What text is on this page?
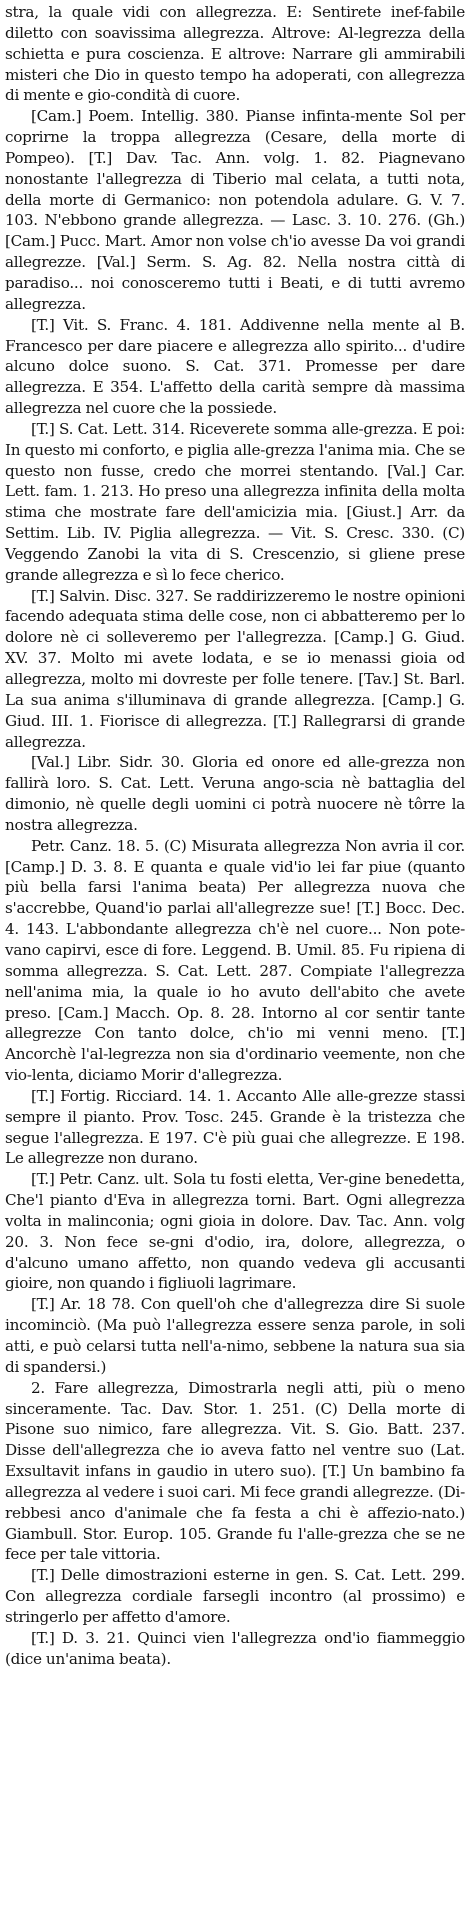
stra, la quale vidi con allegrezza. E: Sentirete inef-fabile diletto con soavissima allegrezza. Altrove: Al-legrezza della schietta e pura coscienza. E altrove: Narrare gli ammirabili misteri che Dio in questo tempo ha adoperati, con allegrezza di mente e gio-condità di cuore.

[Cam.] Poem. Intellig. 380. Pianse infinta-mente Sol per coprirne la troppa allegrezza (Cesare, della morte di Pompeo). [T.] Dav. Tac. Ann. volg. 1. 82. Piagnevano nonostante l'allegrezza di Tiberio mal celata, a tutti nota, della morte di Germanico: non potendola adulare. G. V. 7. 103. N'ebbono grande allegrezza. — Lasc. 3. 10. 276. (Gh.) [Cam.] Pucc. Mart. Amor non volse ch'io avesse Da voi grandi allegrezze. [Val.] Serm. S. Ag. 82. Nella nostra città di paradiso... noi conosceremo tutti i Beati, e di tutti avremo allegrezza.

[T.] Vit. S. Franc. 4. 181. Addivenne nella mente al B. Francesco per dare piacere e allegrezza allo spirito... d'udire alcuno dolce suono. S. Cat. 371. Promesse per dare allegrezza. E 354. L'affetto della carità sempre dà massima allegrezza nel cuore che la possiede.

[T.] S. Cat. Lett. 314. Riceverete somma alle-grezza. E poi: In questo mi conforto, e piglia alle-grezza l'anima mia. Che se questo non fusse, credo che morrei stentando. [Val.] Car. Lett. fam. 1. 213. Ho preso una allegrezza infinita della molta stima che mostrate fare dell'amicizia mia. [Giust.] Arr. da Settim. Lib. IV. Piglia allegrezza. — Vit. S. Cresc. 330. (C) Veggendo Zanobi la vita di S. Crescenzio, si gliene prese grande allegrezza e sì lo fece cherico.

[T.] Salvin. Disc. 327. Se raddirizzeremo le nostre opinioni facendo adequata stima delle cose, non ci abbatteremo per lo dolore nè ci solleveremo per l'allegrezza. [Camp.] G. Giud. XV. 37. Molto mi avete lodata, e se io menassi gioia od allegrezza, molto mi dovreste per folle tenere. [Tav.] St. Barl. La sua anima s'illuminava di grande allegrezza. [Camp.] G. Giud. III. 1. Fiorisce di allegrezza. [T.] Rallegrarsi di grande allegrezza.

[Val.] Libr. Sidr. 30. Gloria ed onore ed alle-grezza non fallirà loro. S. Cat. Lett. Veruna ango-scia nè battaglia del dimonio, nè quelle degli uomini ci potrà nuocere nè tôrre la nostra allegrezza.

Petr. Canz. 18. 5. (C) Misurata allegrezza Non avria il cor. [Camp.] D. 3. 8. E quanta e quale vid'io lei far piue (quanto più bella farsi l'anima beata) Per allegrezza nuova che s'accrebbe, Quand'io parlai all'allegrezze sue! [T.] Bocc. Dec. 4. 143. L'abbondante allegrezza ch'è nel cuore... Non pote-vano capirvi, esce di fore. Leggend. B. Umil. 85. Fu ripiena di somma allegrezza. S. Cat. Lett. 287. Compiate l'allegrezza nell'anima mia, la quale io ho avuto dell'abito che avete preso. [Cam.] Macch. Op. 8. 28. Intorno al cor sentir tante allegrezze Con tanto dolce, ch'io mi venni meno. [T.] Ancorchè l'al-legrezza non sia d'ordinario veemente, non che vio-lenta, diciamo Morir d'allegrezza.

[T.] Fortig. Ricciard. 14. 1. Accanto Alle alle-grezze stassi sempre il pianto. Prov. Tosc. 245. Grande è la tristezza che segue l'allegrezza. E 197. C'è più guai che allegrezze. E 198. Le allegrezze non durano.

[T.] Petr. Canz. ult. Sola tu fosti eletta, Ver-gine benedetta, Che'l pianto d'Eva in allegrezza torni. Bart. Ogni allegrezza volta in malinconia; ogni gioia in dolore. Dav. Tac. Ann. volg 20. 3. Non fece se-gni d'odio, ira, dolore, allegrezza, o d'alcuno umano affetto, non quando vedeva gli accusanti gioire, non quando i figliuoli lagrimare.

[T.] Ar. 18 78. Con quell'oh che d'allegrezza dire Si suole incominciò. (Ma può l'allegrezza essere senza parole, in soli atti, e può celarsi tutta nell'a-nimo, sebbene la natura sua sia di spandersi.)

2. Fare allegrezza, Dimostrarla negli atti, più o meno sinceramente. Tac. Dav. Stor. 1. 251. (C) Della morte di Pisone suo nimico, fare allegrezza. Vit. S. Gio. Batt. 237. Disse dell'allegrezza che io aveva fatto nel ventre suo (Lat. Exsultavit infans in gaudio in utero suo). [T.] Un bambino fa allegrezza al vedere i suoi cari. Mi fece grandi allegrezze. (Di-rebbesi anco d'animale che fa festa a chi è affezio-nato.) Giambull. Stor. Europ. 105. Grande fu l'alle-grezza che se ne fece per tale vittoria.

[T.] Delle dimostrazioni esterne in gen. S. Cat. Lett. 299. Con allegrezza cordiale farsegli incontro (al prossimo) e stringerlo per affetto d'amore.

[T.] D. 3. 21. Quinci vien l'allegrezza ond'io fiammeggio (dice un'anima beata).
